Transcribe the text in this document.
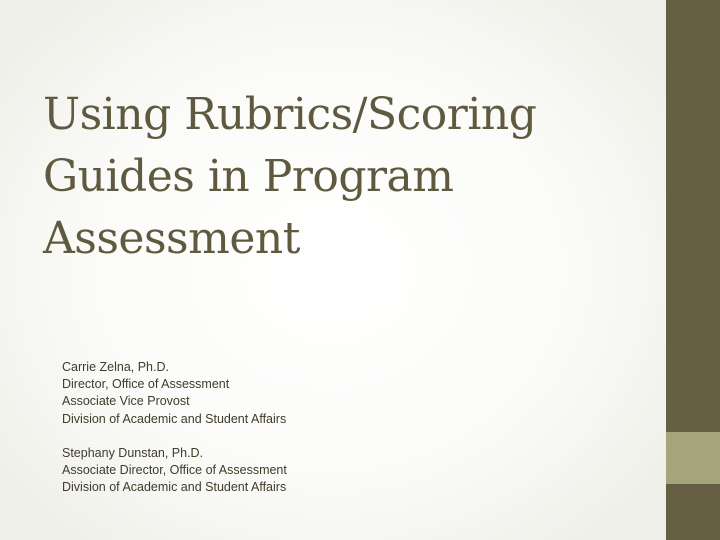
Using Rubrics/Scoring
Guides in Program
Assessment
Carrie Zelna, Ph.D.
Director, Office of Assessment
Associate Vice Provost
Division of Academic and Student Affairs
Stephany Dunstan, Ph.D.
Associate Director, Office of Assessment
Division of Academic and Student Affairs
